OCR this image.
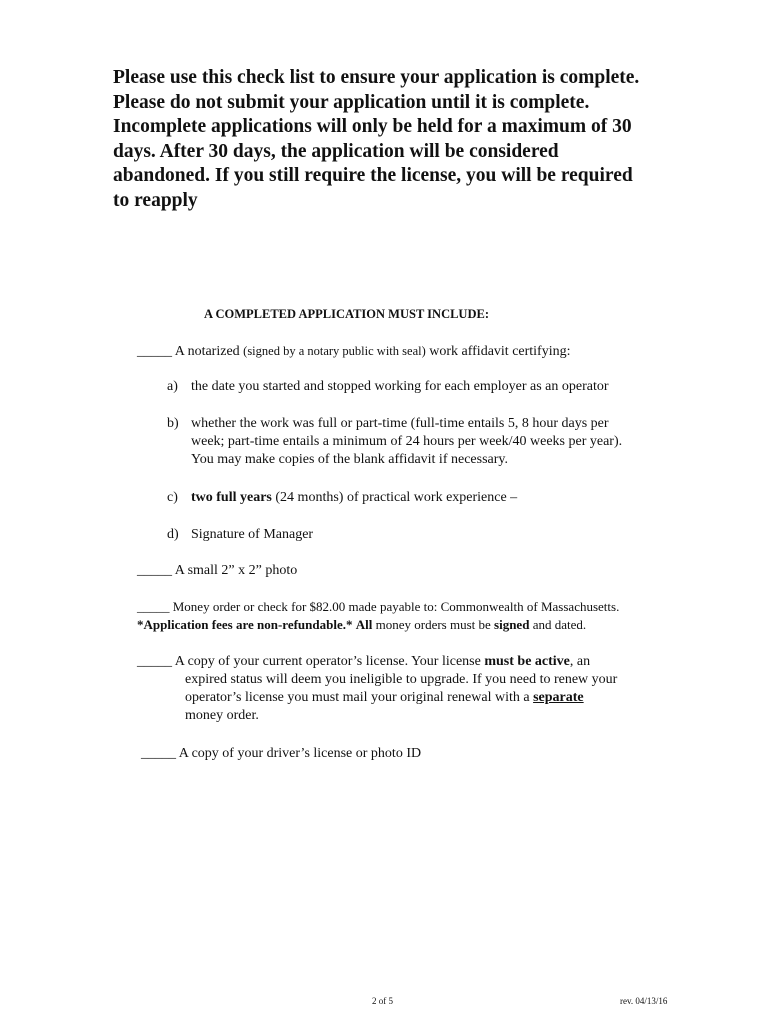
Please use this check list to ensure your application is complete.

Please do not submit your application until it is complete.

Incomplete applications will only be held for a maximum of 30

days. After 30 days, the application will be considered

abandoned. If you still require the license, you will be required

to reapply

A COMPLETED APPLICATION MUST INCLUDE:

_____ A notarized (signed by a notary public with seal) work affidavit certifying:

a) the date you started and stopped working for each employer as an operator
b) whether the work was full or part-time (full-time entails 5, 8 hour days per
week; part-time entails a minimum of 24 hours per week/40 weeks per year).
You may make copies of the blank affidavit if necessary.
c) two full years (24 months) of practical work experience –
d) Signature of Manager

_____ A small 2” x 2” photo

_____ Money order or check for $82.00 made payable to: Commonwealth of Massachusetts.
*Application fees are non-refundable.* All money orders must be signed and dated.
_____ A copy of your current operator’s license. Your license must be active, an
expired status will deem you ineligible to upgrade. If you need to renew your
operator’s license you must mail your original renewal with a separate
money order.

_____ A copy of your driver’s license or photo ID

2 of 5	rev. 04/13/16
